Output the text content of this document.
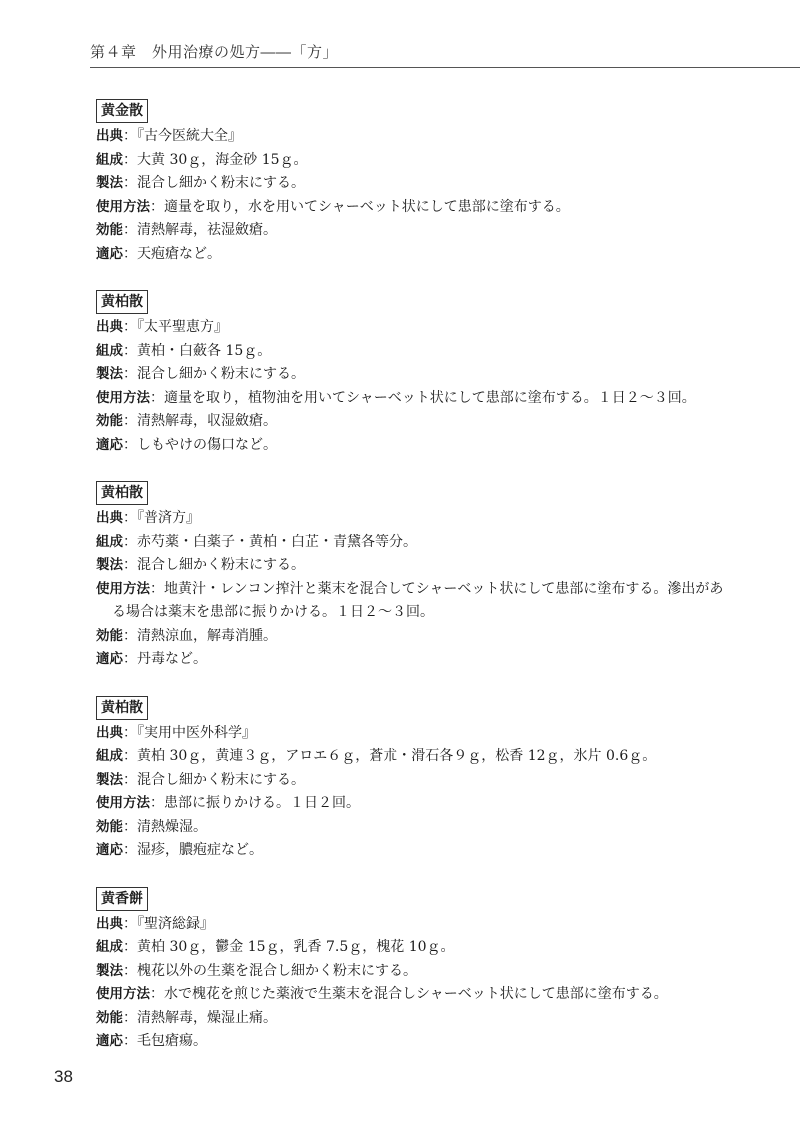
第４章　外用治療の処方――「方」
黄金散
出典：『古今医統大全』
組成：大黄 30ｇ，海金砂 15ｇ。
製法：混合し細かく粉末にする。
使用方法：適量を取り，水を用いてシャーベット状にして患部に塗布する。
効能：清熱解毒，祛湿斂瘡。
適応：天疱瘡など。
黄柏散
出典：『太平聖恵方』
組成：黄柏・白蘞各 15ｇ。
製法：混合し細かく粉末にする。
使用方法：適量を取り，植物油を用いてシャーベット状にして患部に塗布する。１日２～３回。
効能：清熱解毒，収湿斂瘡。
適応：しもやけの傷口など。
黄柏散
出典：『普済方』
組成：赤芍薬・白薬子・黄柏・白芷・青黛各等分。
製法：混合し細かく粉末にする。
使用方法：地黄汁・レンコン搾汁と薬末を混合してシャーベット状にして患部に塗布する。滲出がある場合は薬末を患部に振りかける。１日２～３回。
効能：清熱涼血，解毒消腫。
適応：丹毒など。
黄柏散
出典：『実用中医外科学』
組成：黄柏 30ｇ，黄連３ｇ，アロエ６ｇ，蒼朮・滑石各９ｇ，松香 12ｇ，氷片 0.6ｇ。
製法：混合し細かく粉末にする。
使用方法：患部に振りかける。１日２回。
効能：清熱燥湿。
適応：湿疹，膿疱症など。
黄香餅
出典：『聖済総録』
組成：黄柏 30ｇ，鬱金 15ｇ，乳香 7.5ｇ，槐花 10ｇ。
製法：槐花以外の生薬を混合し細かく粉末にする。
使用方法：水で槐花を煎じた薬液で生薬末を混合しシャーベット状にして患部に塗布する。
効能：清熱解毒，燥湿止痛。
適応：毛包瘡瘍。
38
